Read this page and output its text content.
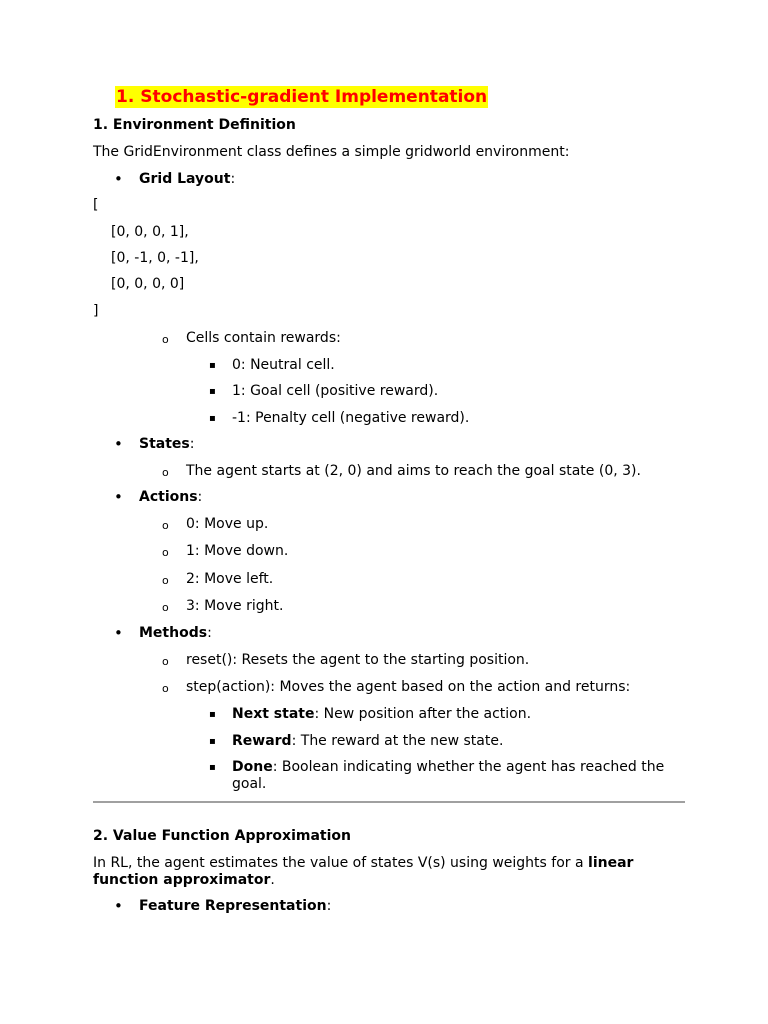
1. Stochastic-gradient Implementation
1. Environment Definition
The GridEnvironment class defines a simple gridworld environment:
• Grid Layout:
[
[0, 0, 0, 1],
[0, -1, 0, -1],
[0, 0, 0, 0]
]
o Cells contain rewards:
▪ 0: Neutral cell.
▪ 1: Goal cell (positive reward).
▪ -1: Penalty cell (negative reward).
• States:
o The agent starts at (2, 0) and aims to reach the goal state (0, 3).
• Actions:
o 0: Move up.
o 1: Move down.
o 2: Move left.
o 3: Move right.
• Methods:
o reset(): Resets the agent to the starting position.
o step(action): Moves the agent based on the action and returns:
▪ Next state: New position after the action.
▪ Reward: The reward at the new state.
▪ Done: Boolean indicating whether the agent has reached the
goal.
2. Value Function Approximation
In RL, the agent estimates the value of states V(s) using weights for a linear
function approximator.
• Feature Representation:
